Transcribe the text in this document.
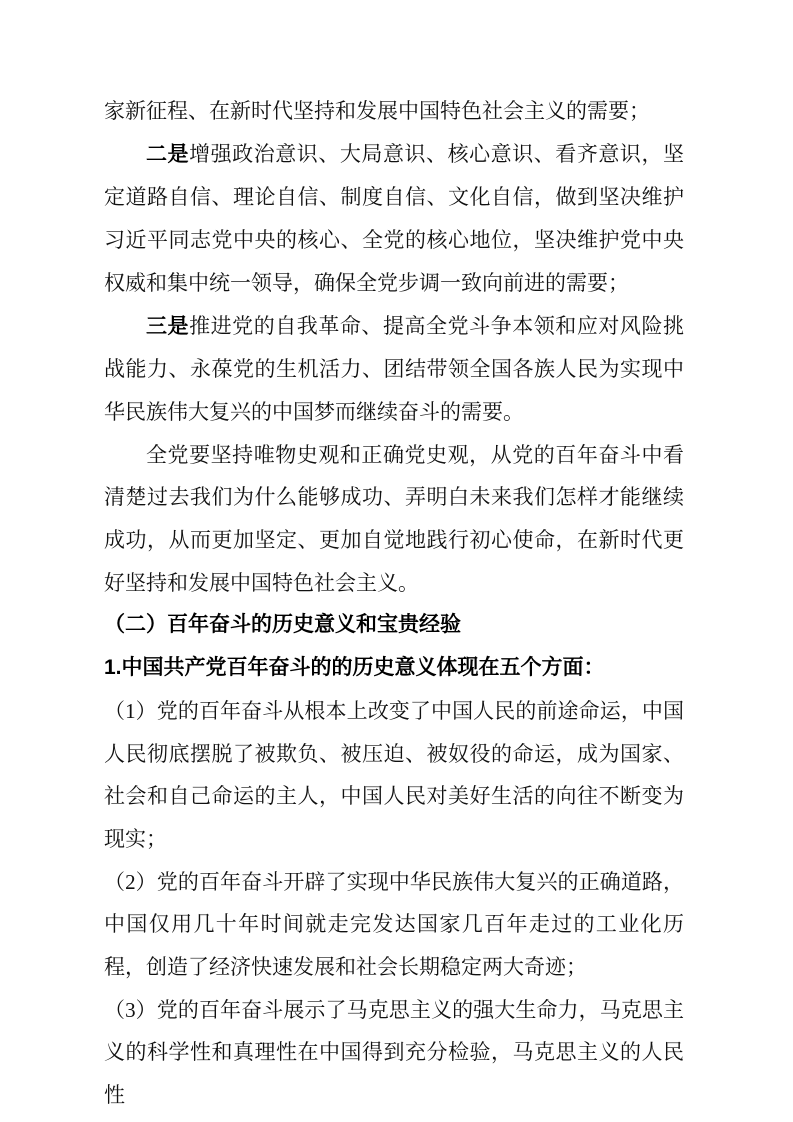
家新征程、在新时代坚持和发展中国特色社会主义的需要；

二是增强政治意识、大局意识、核心意识、看齐意识，坚定道路自信、理论自信、制度自信、文化自信，做到坚决维护习近平同志党中央的核心、全党的核心地位，坚决维护党中央权威和集中统一领导，确保全党步调一致向前进的需要；

三是推进党的自我革命、提高全党斗争本领和应对风险挑战能力、永葆党的生机活力、团结带领全国各族人民为实现中华民族伟大复兴的中国梦而继续奋斗的需要。

全党要坚持唯物史观和正确党史观，从党的百年奋斗中看清楚过去我们为什么能够成功、弄明白未来我们怎样才能继续成功，从而更加坚定、更加自觉地践行初心使命，在新时代更好坚持和发展中国特色社会主义。

（二）百年奋斗的历史意义和宝贵经验

1.中国共产党百年奋斗的的历史意义体现在五个方面：

（1）党的百年奋斗从根本上改变了中国人民的前途命运，中国人民彻底摆脱了被欺负、被压迫、被奴役的命运，成为国家、社会和自己命运的主人，中国人民对美好生活的向往不断变为现实；

（2）党的百年奋斗开辟了实现中华民族伟大复兴的正确道路，中国仅用几十年时间就走完发达国家几百年走过的工业化历程，创造了经济快速发展和社会长期稳定两大奇迹；

（3）党的百年奋斗展示了马克思主义的强大生命力，马克思主义的科学性和真理性在中国得到充分检验，马克思主义的人民性
